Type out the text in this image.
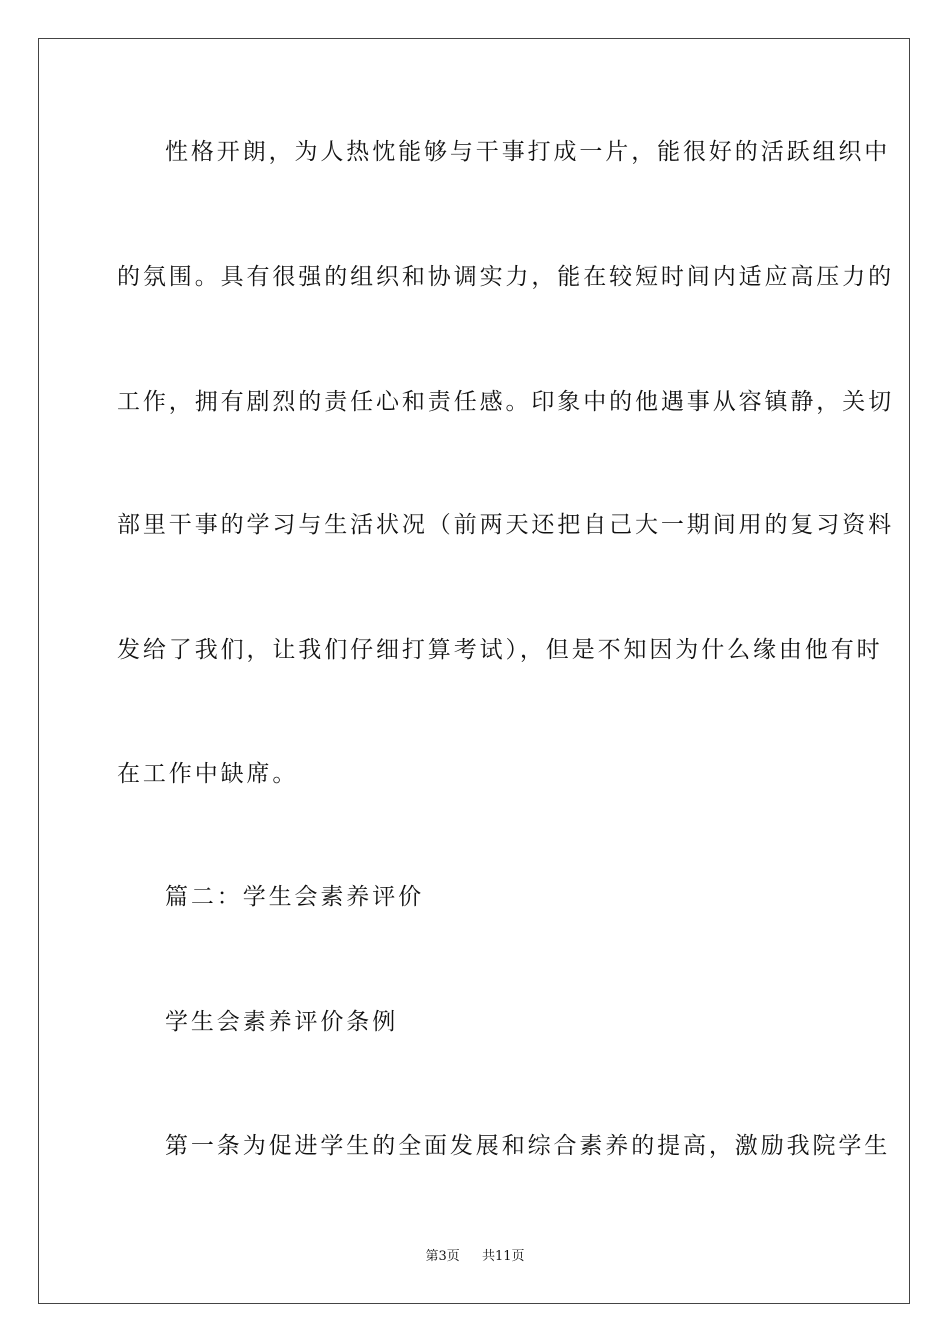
性格开朗，为人热忱能够与干事打成一片，能很好的活跃组织中
的氛围。具有很强的组织和协调实力，能在较短时间内适应高压力的
工作，拥有剧烈的责任心和责任感。印象中的他遇事从容镇静，关切
部里干事的学习与生活状况（前两天还把自己大一期间用的复习资料
发给了我们，让我们仔细打算考试），但是不知因为什么缘由他有时
在工作中缺席。
篇二：学生会素养评价
学生会素养评价条例
第一条为促进学生的全面发展和综合素养的提高，激励我院学生
第3页 共11页
